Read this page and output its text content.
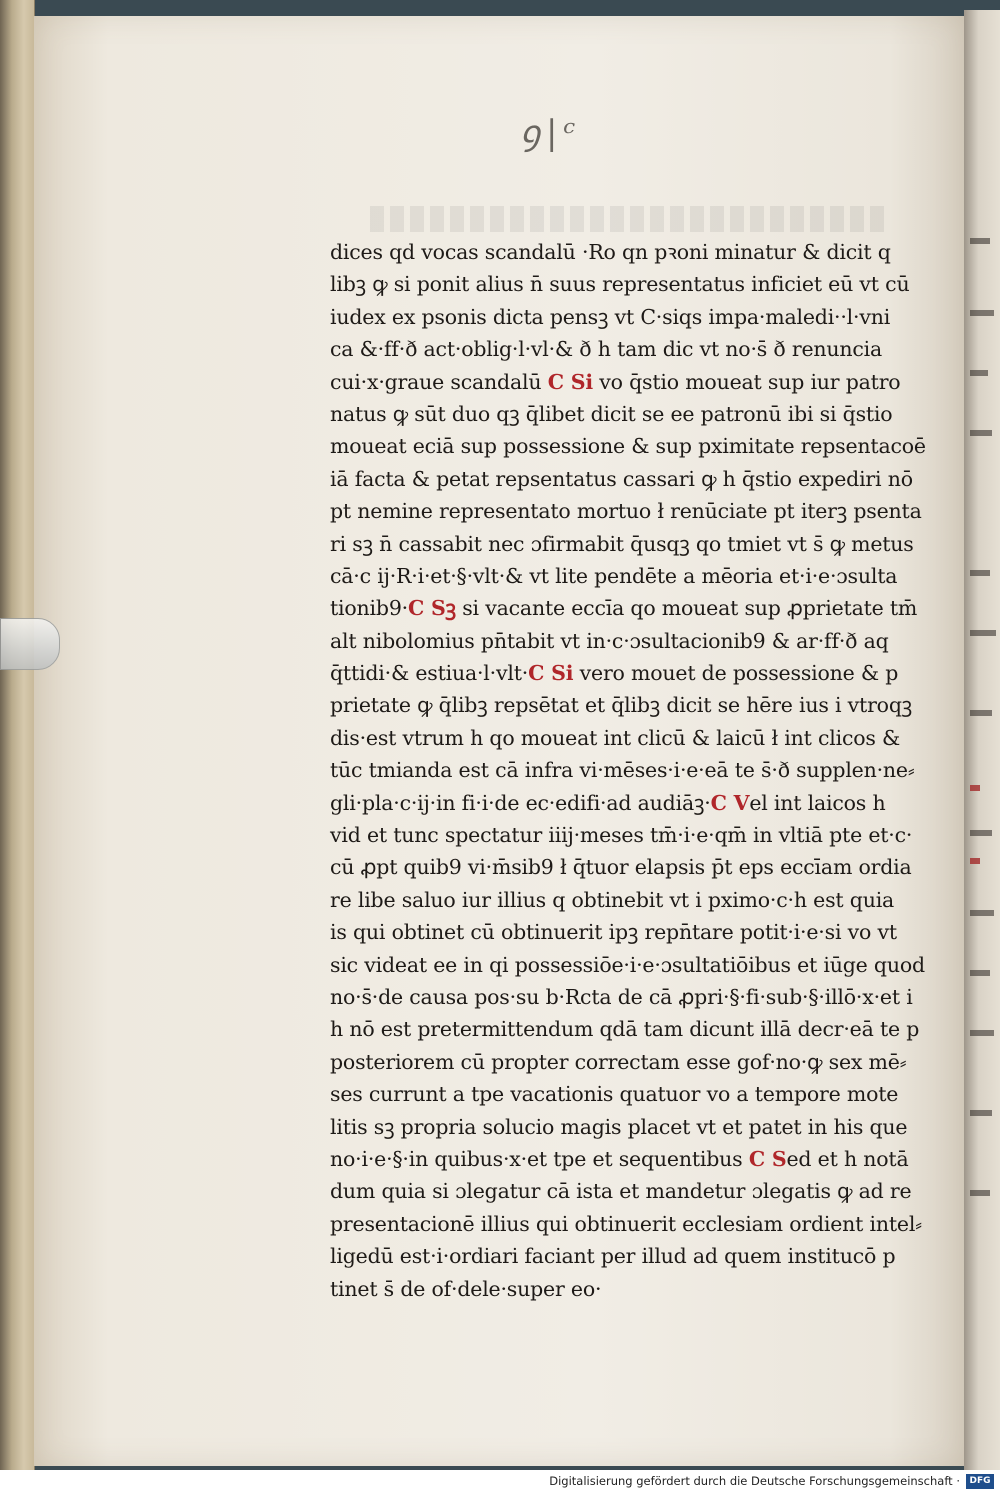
ꝯ|ᶜ
dices qd vocas scandalū ·Ro qn pꝛoni minatur & dicit q
libꝫ ꝙ si ponit alius n̄ suus representatus inficiet eū vt cū
iudex ex psonis dicta pensꝫ vt C·siqs impa·maledi··l·vni
ca &·ff·ð act·oblig·l·vl·& ð h tam dic vt no·s̄ ð renuncia
cui·x·graue scandalū C Si vo q̄stio moueat sup iur patro
natus ꝙ sūt duo qꝫ q̄libet dicit se ee patronū ibi si q̄stio
moueat eciā sup possessione & sup pximitate repsentacoē
iā facta & petat repsentatus cassari ꝙ h q̄stio expediri nō
pt nemine representato mortuo ł renūciate pt iterꝫ psenta
ri sꝫ n̄ cassabit nec ɔfirmabit q̄usqꝫ qo tmiet vt s̄ ꝙ metus
cā·c ij·R·i·et·§·vlt·& vt lite pendēte a mēoria et·i·e·ɔsulta
tionib9·C Sꝫ si vacante eccīa qo moueat sup ꝓprietate tm̄
alt nibolomius pn̄tabit vt in·c·ɔsultacionib9 & ar·ff·ð aq
q̄ttidi·& estiua·l·vlt·C Si vero mouet de possessione & p
prietate ꝙ q̄libꝫ repsētat et q̄libꝫ dicit se hēre ius i vtroqꝫ
dis·est vtrum h qo moueat int clicū & laicū ł int clicos &
tūc tmianda est cā infra vi·mēses·i·e·eā te s̄·ð supplen·ne⸗
gli·pla·c·ij·in fi·i·de ec·edifi·ad audiāꝫ·C Vel int laicos h
vid et tunc spectatur iiij·meses tm̄·i·e·qm̄ in vltiā pte et·c·
cū ꝓpt quib9 vi·m̄sib9 ł q̄tuor elapsis p̄t eps eccīam ordia
re libe saluo iur illius q obtinebit vt i pximo·c·h est quia
is qui obtinet cū obtinuerit ipꝫ repn̄tare potit·i·e·si vo vt
sic videat ee in qi possessiōe·i·e·ɔsultatiōibus et iūge quod
no·s̄·de causa pos·su b·Rcta de cā ꝓpri·§·fi·sub·§·illō·x·et i
h nō est pretermittendum qdā tam dicunt illā decr·eā te p
posteriorem cū propter correctam esse gof·no·ꝙ sex mē⸗
ses currunt a tpe vacationis quatuor vo a tempore mote
litis sꝫ propria solucio magis placet vt et patet in his que
no·i·e·§·in quibus·x·et tpe et sequentibus C Sed et h notā
dum quia si ɔlegatur cā ista et mandetur ɔlegatis ꝙ ad re
presentacionē illius qui obtinuerit ecclesiam ordient intel⸗
ligedū est·i·ordiari faciant per illud ad quem institucō p
tinet s̄ de of·dele·super eo·
Digitalisierung gefördert durch die Deutsche Forschungsgemeinschaft ·	DFG
